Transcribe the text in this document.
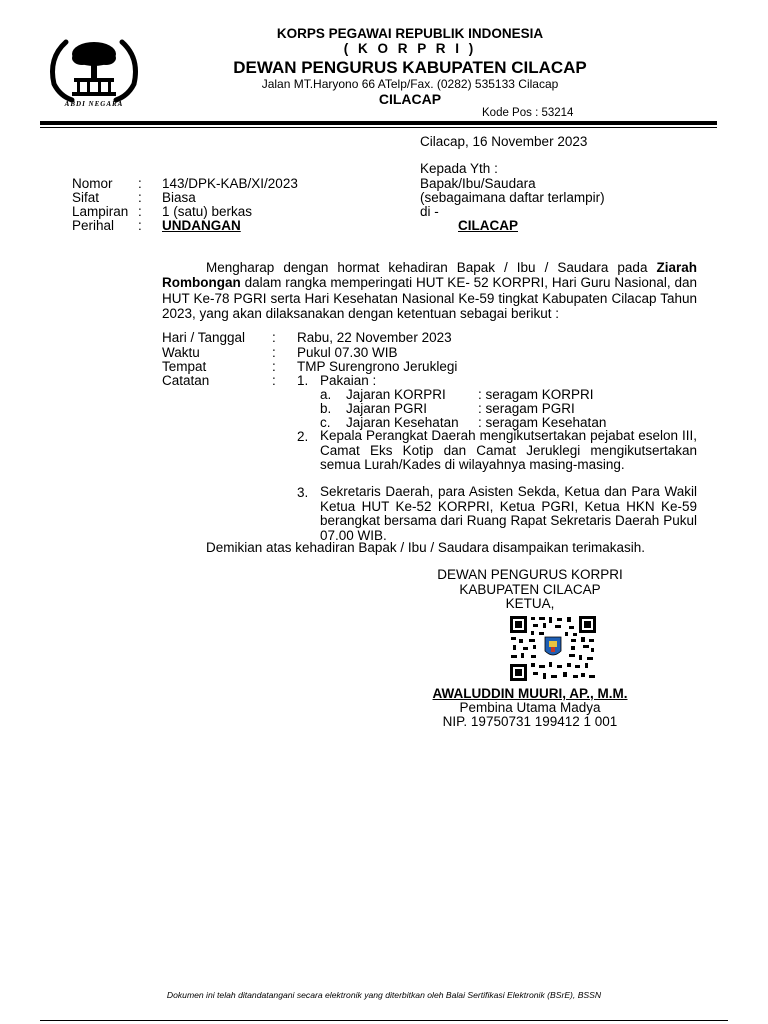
ABDI NEGARA
KORPS PEGAWAI REPUBLIK INDONESIA
( K O R P R I )
DEWAN PENGURUS KABUPATEN CILACAP
Jalan MT.Haryono 66 ATelp/Fax. (0282) 535133 Cilacap
CILACAP
Kode Pos : 53214
Cilacap, 16 November 2023
Kepada Yth :
Bapak/Ibu/Saudara
(sebagaimana daftar terlampir)
di -
CILACAP
Nomor : 143/DPK-KAB/XI/2023
Sifat	: Biasa
Lampiran : 1 (satu) berkas
Perihal : UNDANGAN
Mengharap dengan hormat kehadiran Bapak / Ibu / Saudara pada Ziarah Rombongan dalam rangka memperingati HUT KE- 52 KORPRI, Hari Guru Nasional, dan HUT Ke-78 PGRI serta Hari Kesehatan Nasional Ke-59 tingkat Kabupaten Cilacap Tahun 2023, yang akan dilaksanakan dengan ketentuan sebagai berikut :
Hari / Tanggal : Rabu, 22 November 2023
Waktu	: Pukul 07.30 WIB
Tempat	: TMP Surengrono Jeruklegi
Catatan	: 1. Pakaian :
a. Jajaran KORPRI : seragam KORPRI
b. Jajaran PGRI	: seragam PGRI
c. Jajaran Kesehatan : seragam Kesehatan
2. Kepala Perangkat Daerah mengikutsertakan pejabat eselon III, Camat Eks Kotip dan Camat Jeruklegi mengikutsertakan semua Lurah/Kades di wilayahnya masing-masing.
3. Sekretaris Daerah, para Asisten Sekda, Ketua dan Para Wakil Ketua HUT Ke-52 KORPRI, Ketua PGRI, Ketua HKN Ke-59 berangkat bersama dari Ruang Rapat Sekretaris Daerah Pukul 07.00 WIB.
Demikian atas kehadiran Bapak / Ibu / Saudara disampaikan terimakasih.
DEWAN PENGURUS KORPRI
KABUPATEN CILACAP
KETUA,
AWALUDDIN MUURI, AP., M.M.
Pembina Utama Madya
NIP. 19750731 199412 1 001
Dokumen ini telah ditandatangani secara elektronik yang diterbitkan oleh Balai Sertifikasi Elektronik (BSrE), BSSN
